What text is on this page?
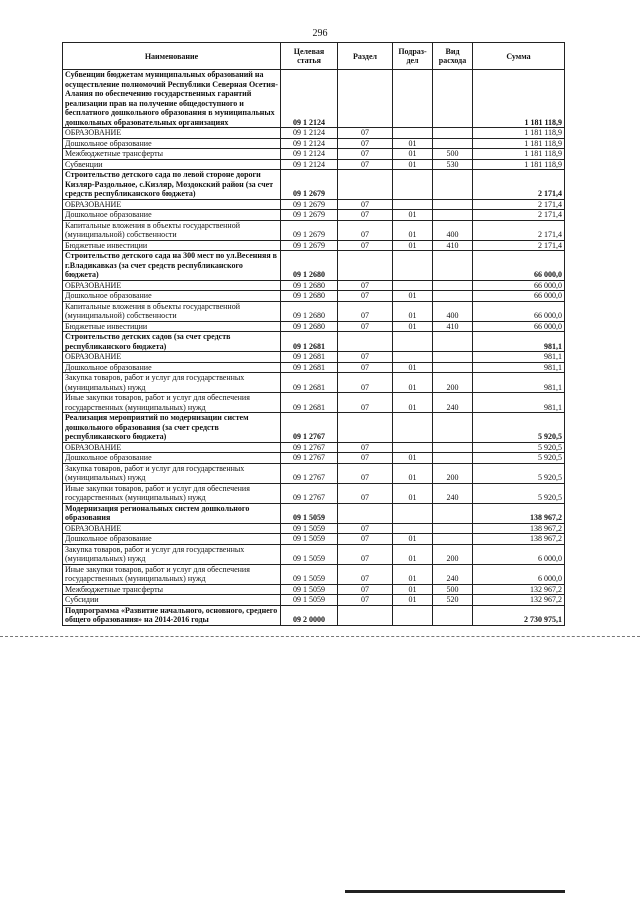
296
Наименование	Целевая статья	Раздел	Подраз-дел	Вид расхода	Сумма
Субвенции бюджетам муниципальных образований на осуществление полномочий Республики Северная Осетия-Алания по обеспечению государственных гарантий реализации прав на получение общедоступного и бесплатного дошкольного образования в муниципальных дошкольных образовательных организациях	09 1 2124				1 181 118,9
ОБРАЗОВАНИЕ	09 1 2124	07			1 181 118,9
Дошкольное образование	09 1 2124	07	01		1 181 118,9
Межбюджетные трансферты	09 1 2124	07	01	500	1 181 118,9
Субвенции	09 1 2124	07	01	530	1 181 118,9
Строительство детского сада по левой стороне дороги Кизляр-Раздольное, с.Кизляр, Моздокский район (за счет средств республиканского бюджета)	09 1 2679				2 171,4
ОБРАЗОВАНИЕ	09 1 2679	07			2 171,4
Дошкольное образование	09 1 2679	07	01		2 171,4
Капитальные вложения в объекты государственной (муниципальной) собственности	09 1 2679	07	01	400	2 171,4
Бюджетные инвестиции	09 1 2679	07	01	410	2 171,4
Строительство детского сада на 300 мест по ул.Весенняя в г.Владикавказ (за счет средств республиканского бюджета)	09 1 2680				66 000,0
ОБРАЗОВАНИЕ	09 1 2680	07			66 000,0
Дошкольное образование	09 1 2680	07	01		66 000,0
Капитальные вложения в объекты государственной (муниципальной) собственности	09 1 2680	07	01	400	66 000,0
Бюджетные инвестиции	09 1 2680	07	01	410	66 000,0
Строительство детских садов (за счет средств республиканского бюджета)	09 1 2681				981,1
ОБРАЗОВАНИЕ	09 1 2681	07			981,1
Дошкольное образование	09 1 2681	07	01		981,1
Закупка товаров, работ и услуг для государственных (муниципальных) нужд	09 1 2681	07	01	200	981,1
Иные закупки товаров, работ и услуг для обеспечения государственных (муниципальных) нужд	09 1 2681	07	01	240	981,1
Реализация мероприятий по модернизации систем дошкольного образования (за счет средств республиканского бюджета)	09 1 2767				5 920,5
ОБРАЗОВАНИЕ	09 1 2767	07			5 920,5
Дошкольное образование	09 1 2767	07	01		5 920,5
Закупка товаров, работ и услуг для государственных (муниципальных) нужд	09 1 2767	07	01	200	5 920,5
Иные закупки товаров, работ и услуг для обеспечения государственных (муниципальных) нужд	09 1 2767	07	01	240	5 920,5
Модернизация региональных систем дошкольного образования	09 1 5059				138 967,2
ОБРАЗОВАНИЕ	09 1 5059	07			138 967,2
Дошкольное образование	09 1 5059	07	01		138 967,2
Закупка товаров, работ и услуг для государственных (муниципальных) нужд	09 1 5059	07	01	200	6 000,0
Иные закупки товаров, работ и услуг для обеспечения государственных (муниципальных) нужд	09 1 5059	07	01	240	6 000,0
Межбюджетные трансферты	09 1 5059	07	01	500	132 967,2
Субсидии	09 1 5059	07	01	520	132 967,2
Подпрограмма «Развитие начального, основного, среднего общего образования» на 2014-2016 годы	09 2 0000				2 730 975,1
